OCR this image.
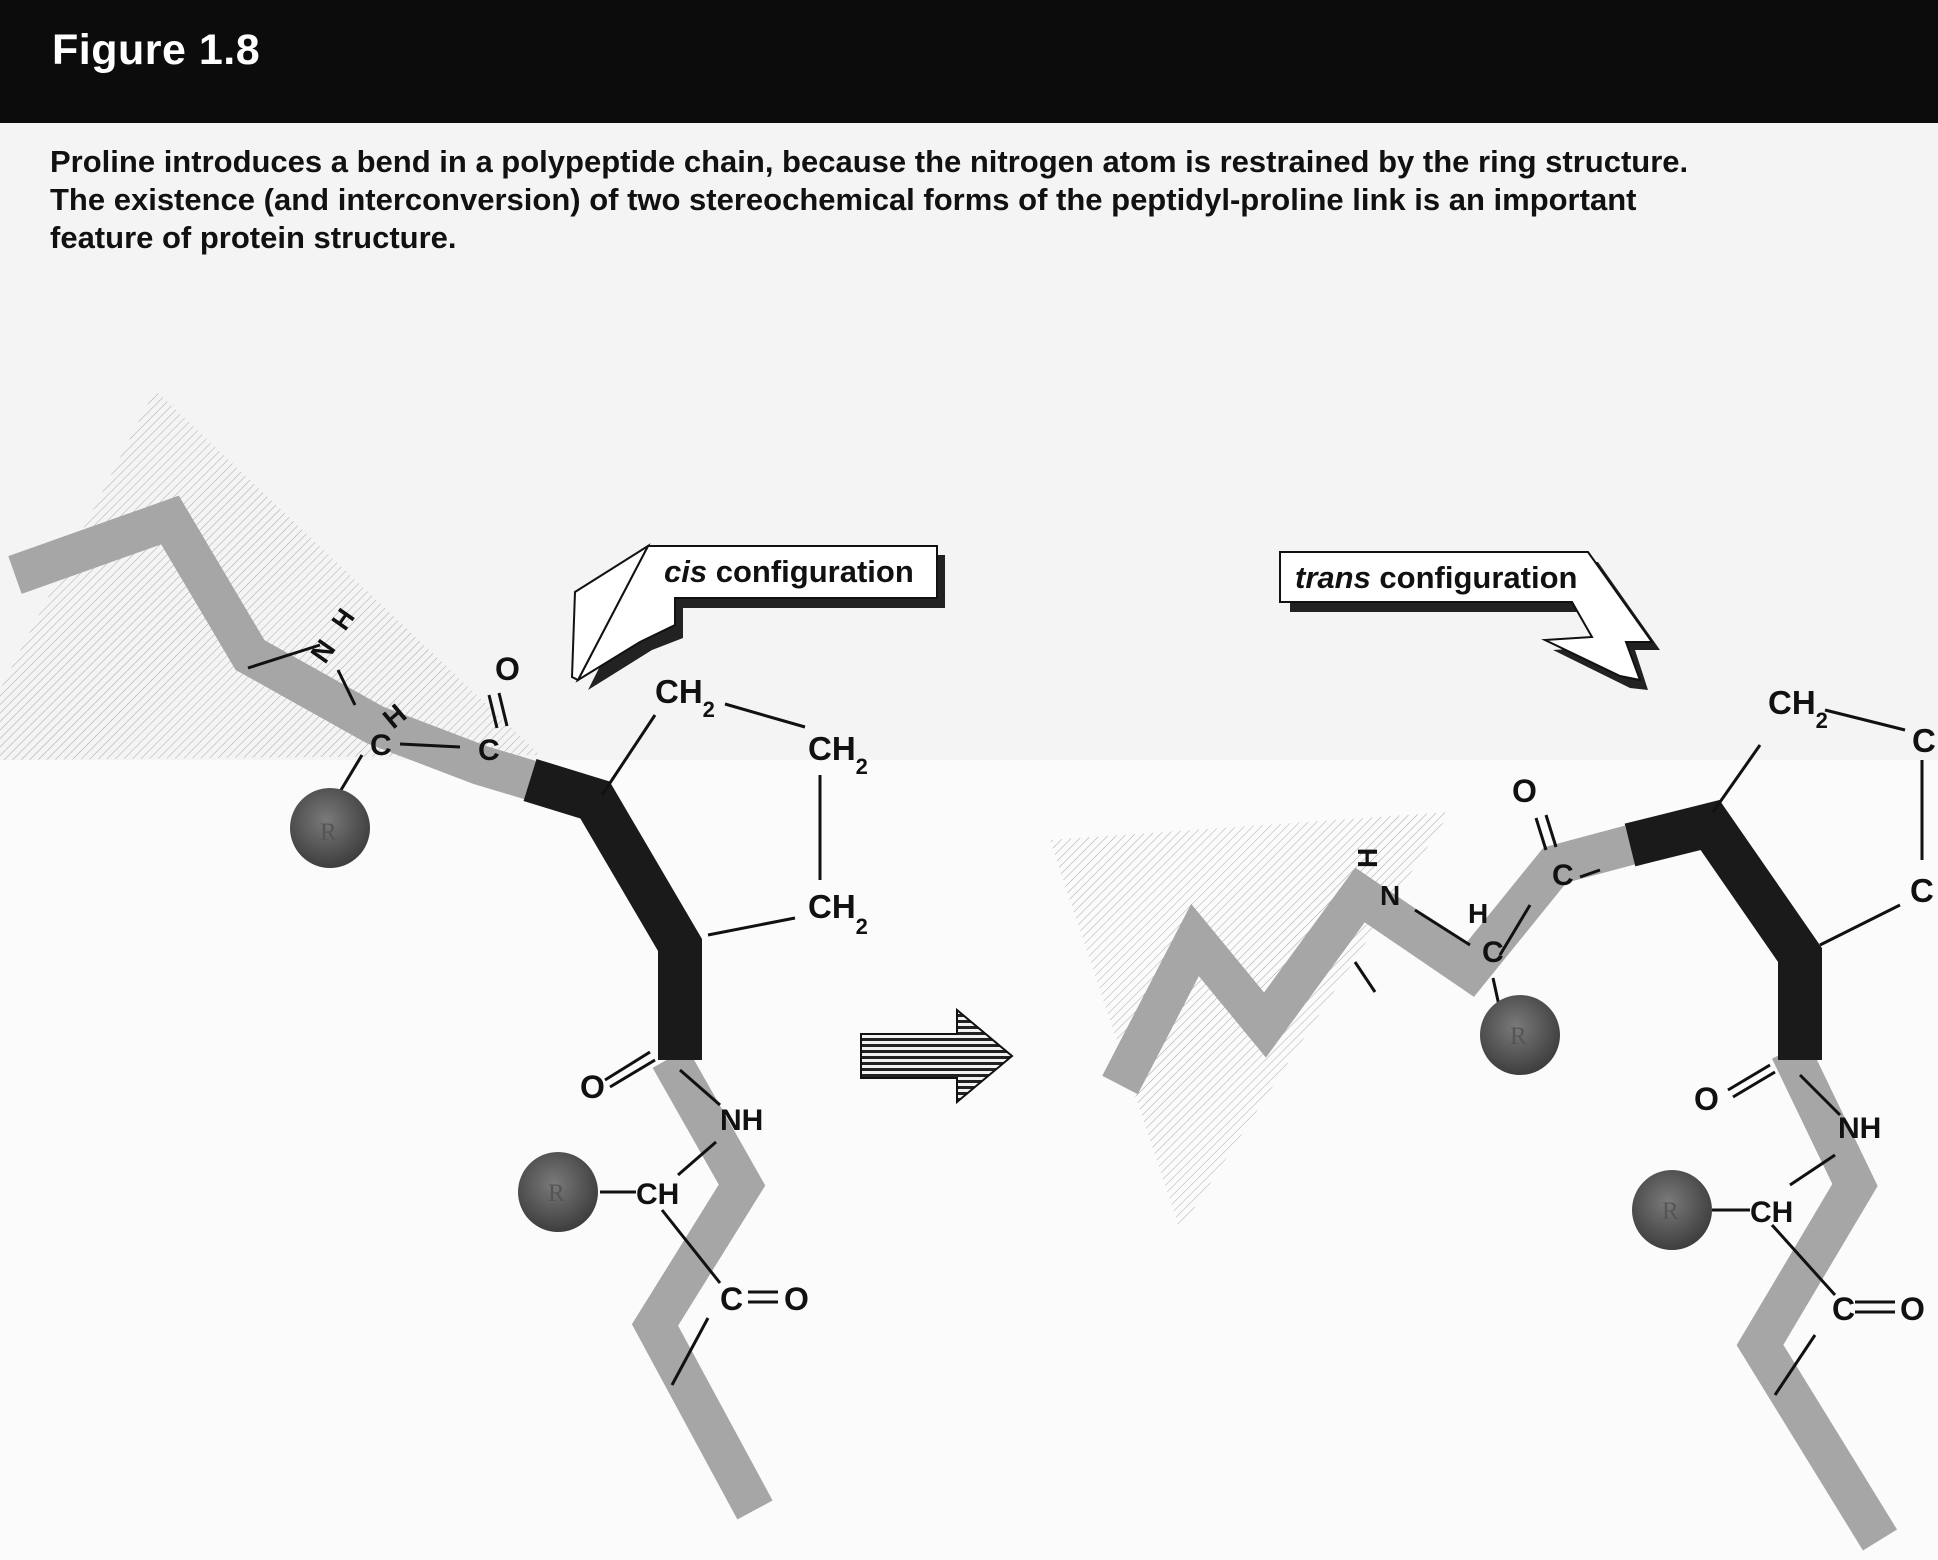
Figure 1.8
Proline introduces a bend in a polypeptide chain, because the nitrogen atom is restrained by the ring structure.
The existence (and interconversion) of two stereochemical forms of the peptidyl-proline link is an important
feature of protein structure.
C
H
N
H
C
O
R
$CH_2$
$CH_2$
$CH_2$
O
NH
R CH
C O
cis configuration
H
N
H
C
C
O
R
$CH_2$
C
C
O
NH
R CH
C O
trans configuration
